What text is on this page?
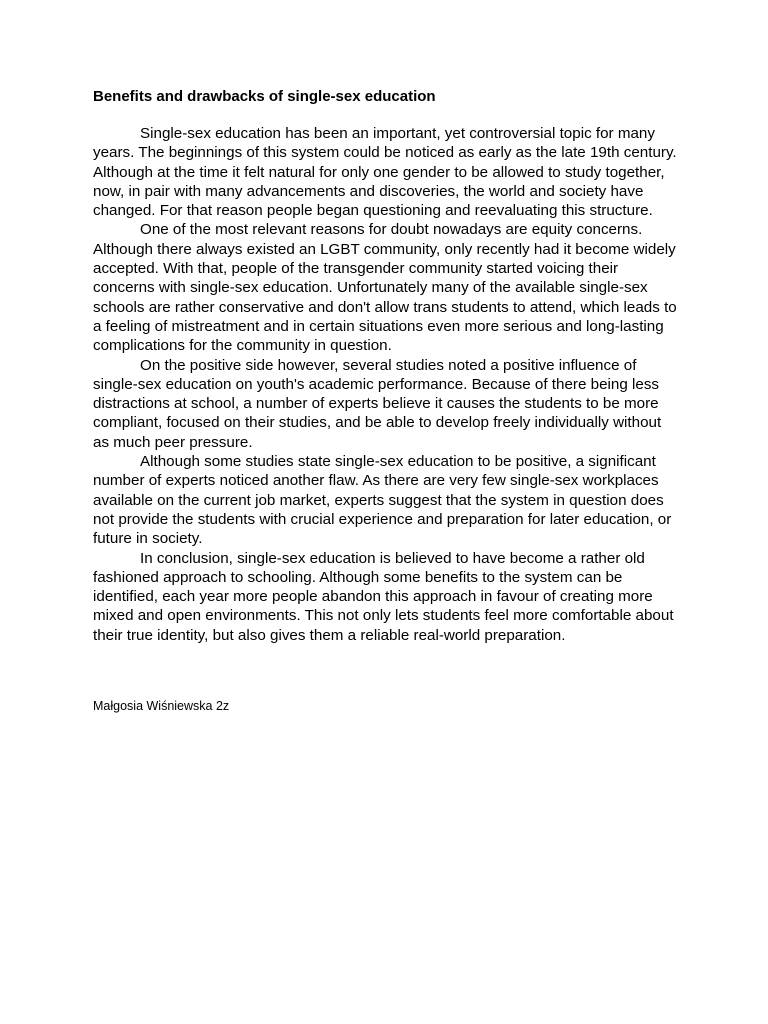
Benefits and drawbacks of single-sex education

Single-sex education has been an important, yet controversial topic for many years. The beginnings of this system could be noticed as early as the late 19th century. Although at the time it felt natural for only one gender to be allowed to study together, now, in pair with many advancements and discoveries, the world and society have changed. For that reason people began questioning and reevaluating this structure.

One of the most relevant reasons for doubt nowadays are equity concerns. Although there always existed an LGBT community, only recently had it become widely accepted. With that, people of the transgender community started voicing their concerns with single-sex education. Unfortunately many of the available single-sex schools are rather conservative and don't allow trans students to attend, which leads to a feeling of mistreatment and in certain situations even more serious and long-lasting complications for the community in question.

On the positive side however, several studies noted a positive influence of single-sex education on youth's academic performance. Because of there being less distractions at school, a number of experts believe it causes the students to be more compliant, focused on their studies, and be able to develop freely individually without as much peer pressure.

Although some studies state single-sex education to be positive, a significant number of experts noticed another flaw. As there are very few single-sex workplaces available on the current job market, experts suggest that the system in question does not provide the students with crucial experience and preparation for later education, or future in society.

In conclusion, single-sex education is believed to have become a rather old fashioned approach to schooling. Although some benefits to the system can be identified, each year more people abandon this approach in favour of creating more mixed and open environments. This not only lets students feel more comfortable about their true identity, but also gives them a reliable real-world preparation.

Małgosia Wiśniewska 2z
